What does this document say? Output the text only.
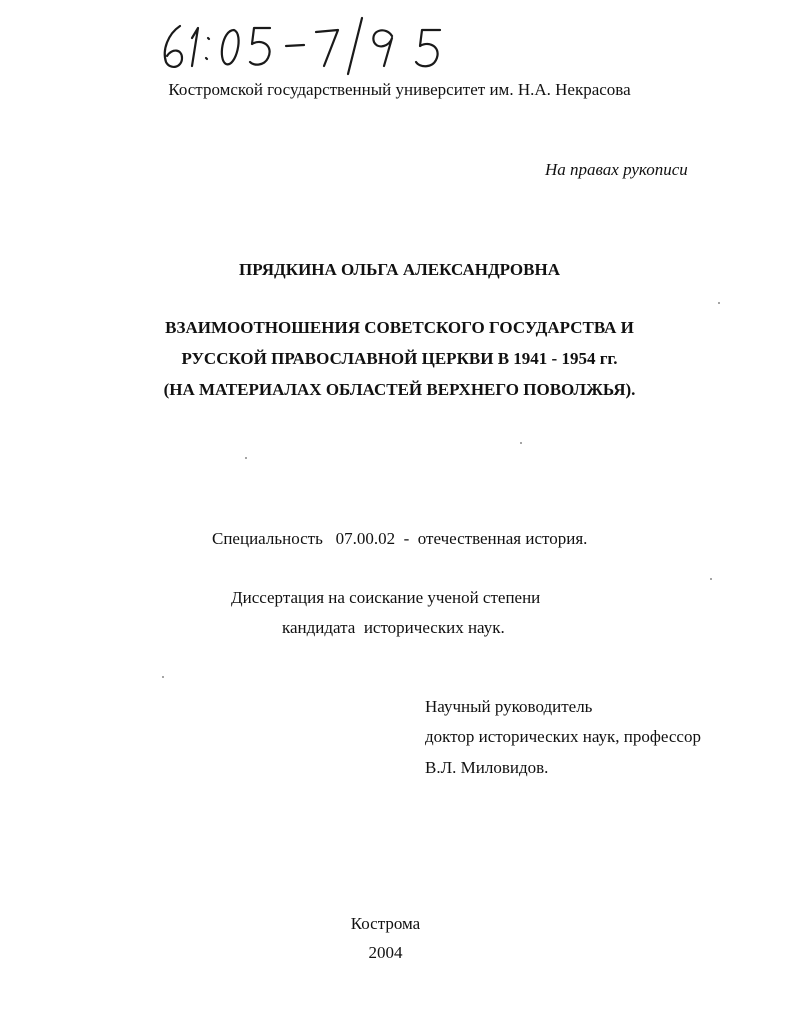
Костромской государственный университет им. Н.А. Некрасова
На правах рукописи
ПРЯДКИНА ОЛЬГА АЛЕКСАНДРОВНА
ВЗАИМООТНОШЕНИЯ СОВЕТСКОГО ГОСУДАРСТВА И
РУССКОЙ ПРАВОСЛАВНОЙ ЦЕРКВИ В 1941 - 1954 гг.
(НА МАТЕРИАЛАХ ОБЛАСТЕЙ ВЕРХНЕГО ПОВОЛЖЬЯ).
Специальность   07.00.02  -  отечественная история.
Диссертация на соискание ученой степени
кандидата  исторических наук.
Научный руководитель
доктор исторических наук, профессор
В.Л. Миловидов.
Кострома
2004
